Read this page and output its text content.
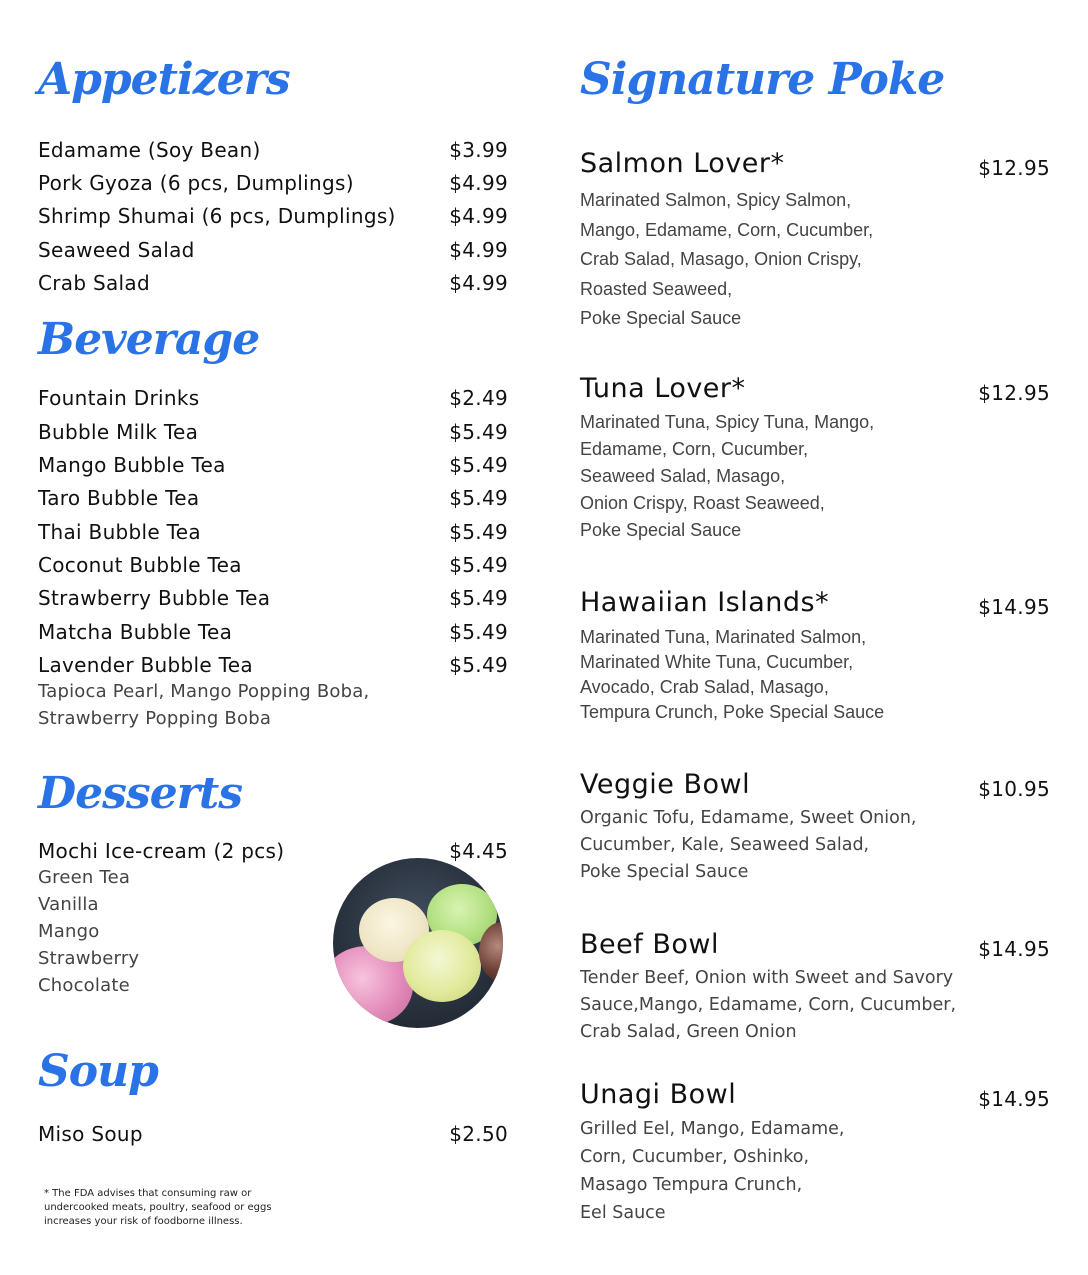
Appetizers
Edamame (Soy Bean)	$3.99
Pork Gyoza (6 pcs, Dumplings)	$4.99
Shrimp Shumai (6 pcs, Dumplings)	$4.99
Seaweed Salad	$4.99
Crab Salad	$4.99
Beverage
Fountain Drinks	$2.49
Bubble Milk Tea	$5.49
Mango Bubble Tea	$5.49
Taro Bubble Tea	$5.49
Thai Bubble Tea	$5.49
Coconut Bubble Tea	$5.49
Strawberry Bubble Tea	$5.49
Matcha Bubble Tea	$5.49
Lavender Bubble Tea	$5.49
Tapioca Pearl, Mango Popping Boba,
Strawberry Popping Boba
Desserts
Mochi Ice-cream (2 pcs)	$4.45
Green Tea
Vanilla
Mango
Strawberry
Chocolate
Soup
Miso Soup	$2.50
* The FDA advises that consuming raw or
undercooked meats, poultry, seafood or eggs
increases your risk of foodborne illness.
Signature Poke
Salmon Lover*	$12.95
Marinated Salmon, Spicy Salmon,
Mango, Edamame, Corn, Cucumber,
Crab Salad, Masago, Onion Crispy,
Roasted Seaweed,
Poke Special Sauce
Tuna Lover*	$12.95
Marinated Tuna, Spicy Tuna, Mango,
Edamame, Corn, Cucumber,
Seaweed Salad, Masago,
Onion Crispy, Roast Seaweed,
Poke Special Sauce
Hawaiian Islands*	$14.95
Marinated Tuna, Marinated Salmon,
Marinated White Tuna, Cucumber,
Avocado, Crab Salad, Masago,
Tempura Crunch, Poke Special Sauce
Veggie Bowl	$10.95
Organic Tofu, Edamame, Sweet Onion,
Cucumber, Kale, Seaweed Salad,
Poke Special Sauce
Beef Bowl	$14.95
Tender Beef, Onion with Sweet and Savory
Sauce,Mango, Edamame, Corn, Cucumber,
Crab Salad, Green Onion
Unagi Bowl	$14.95
Grilled Eel, Mango, Edamame,
Corn, Cucumber, Oshinko,
Masago Tempura Crunch,
Eel Sauce
